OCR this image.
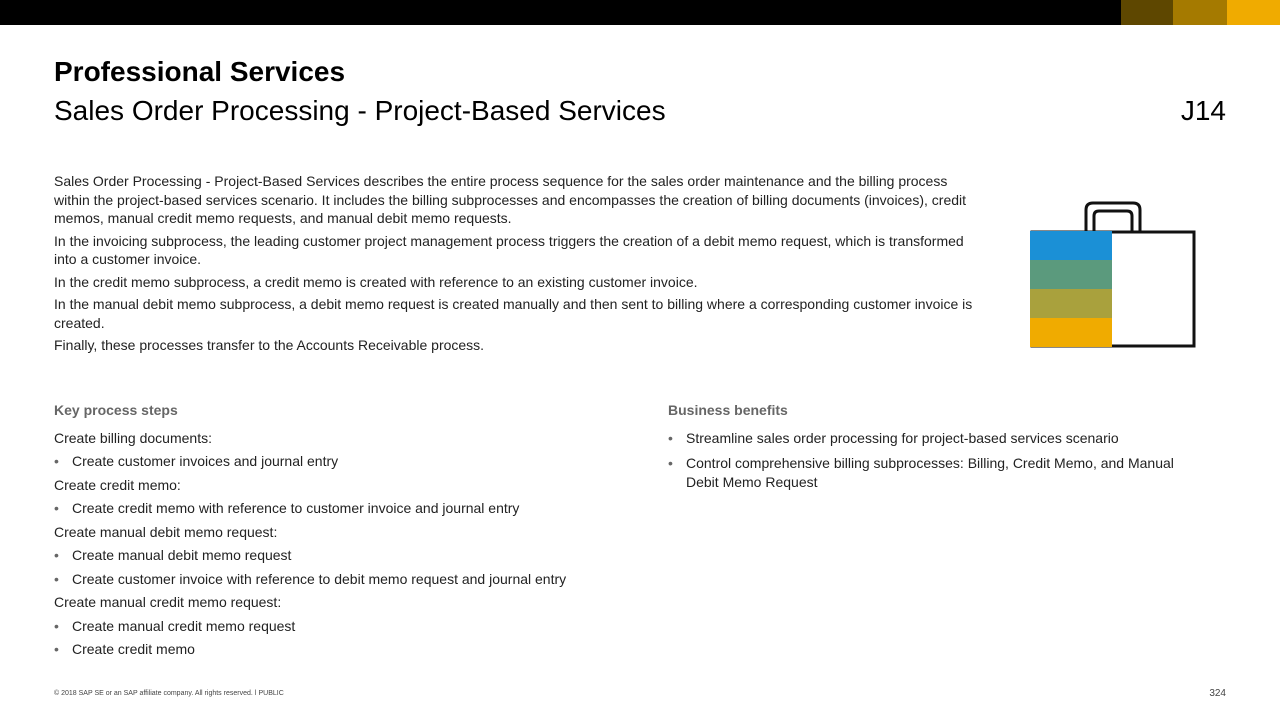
Professional Services
Sales Order Processing - Project-Based Services	J14

Sales Order Processing - Project-Based Services describes the entire process sequence for the sales order maintenance and the billing process within the project-based services scenario. It includes the billing subprocesses and encompasses the creation of billing documents (invoices), credit memos, manual credit memo requests, and manual debit memo requests.

In the invoicing subprocess, the leading customer project management process triggers the creation of a debit memo request, which is transformed into a customer invoice.

In the credit memo subprocess, a credit memo is created with reference to an existing customer invoice.

In the manual debit memo subprocess, a debit memo request is created manually and then sent to billing where a corresponding customer invoice is created.

Finally, these processes transfer to the Accounts Receivable process.

Key process steps
Create billing documents:
• Create customer invoices and journal entry
Create credit memo:
• Create credit memo with reference to customer invoice and journal entry
Create manual debit memo request:
• Create manual debit memo request
• Create customer invoice with reference to debit memo request and journal entry
Create manual credit memo request:
• Create manual credit memo request
• Create credit memo
Business benefits
• Streamline sales order processing for project-based services scenario
• Control comprehensive billing subprocesses: Billing, Credit Memo, and Manual Debit Memo Request
© 2018 SAP SE or an SAP affiliate company. All rights reserved. ǀ PUBLIC	324
